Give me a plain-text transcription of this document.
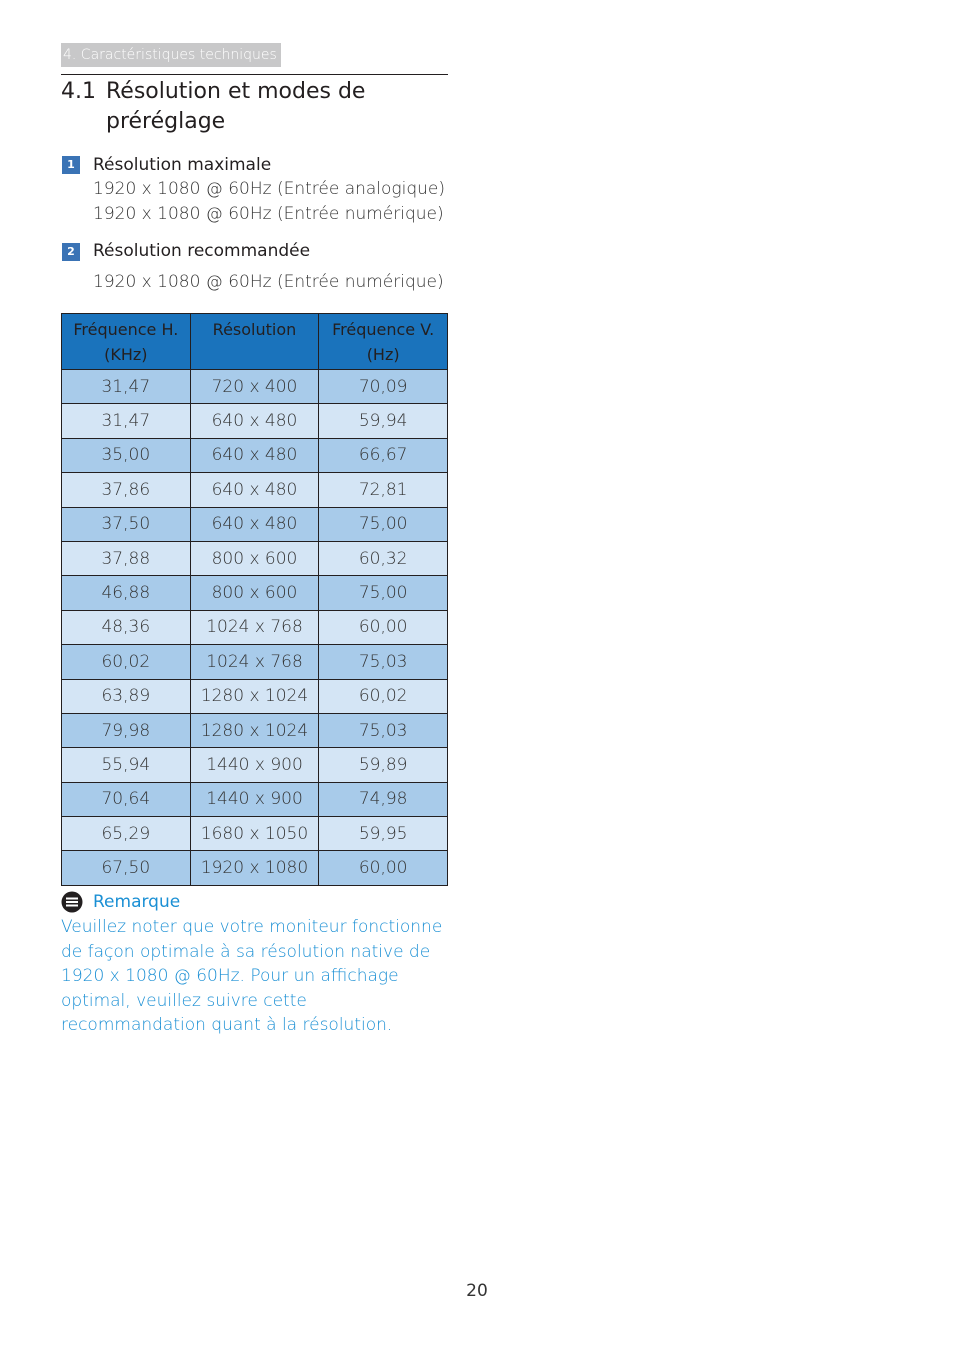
4. Caractéristiques techniques
4.1 Résolution et modes de préréglage
1	Résolution maximale
1920 x 1080 @ 60Hz (Entrée analogique)
1920 x 1080 @ 60Hz (Entrée numérique)
2	Résolution recommandée
1920 x 1080 @ 60Hz (Entrée numérique)
Fréquence H. (KHz)	Résolution	Fréquence V. (Hz)
31,47	720 x 400	70,09
31,47	640 x 480	59,94
35,00	640 x 480	66,67
37,86	640 x 480	72,81
37,50	640 x 480	75,00
37,88	800 x 600	60,32
46,88	800 x 600	75,00
48,36	1024 x 768	60,00
60,02	1024 x 768	75,03
63,89	1280 x 1024	60,02
79,98	1280 x 1024	75,03
55,94	1440 x 900	59,89
70,64	1440 x 900	74,98
65,29	1680 x 1050	59,95
67,50	1920 x 1080	60,00
Remarque
Veuillez noter que votre moniteur fonctionne de façon optimale à sa résolution native de 1920 x 1080 @ 60Hz. Pour un affichage optimal, veuillez suivre cette recommandation quant à la résolution.
20
